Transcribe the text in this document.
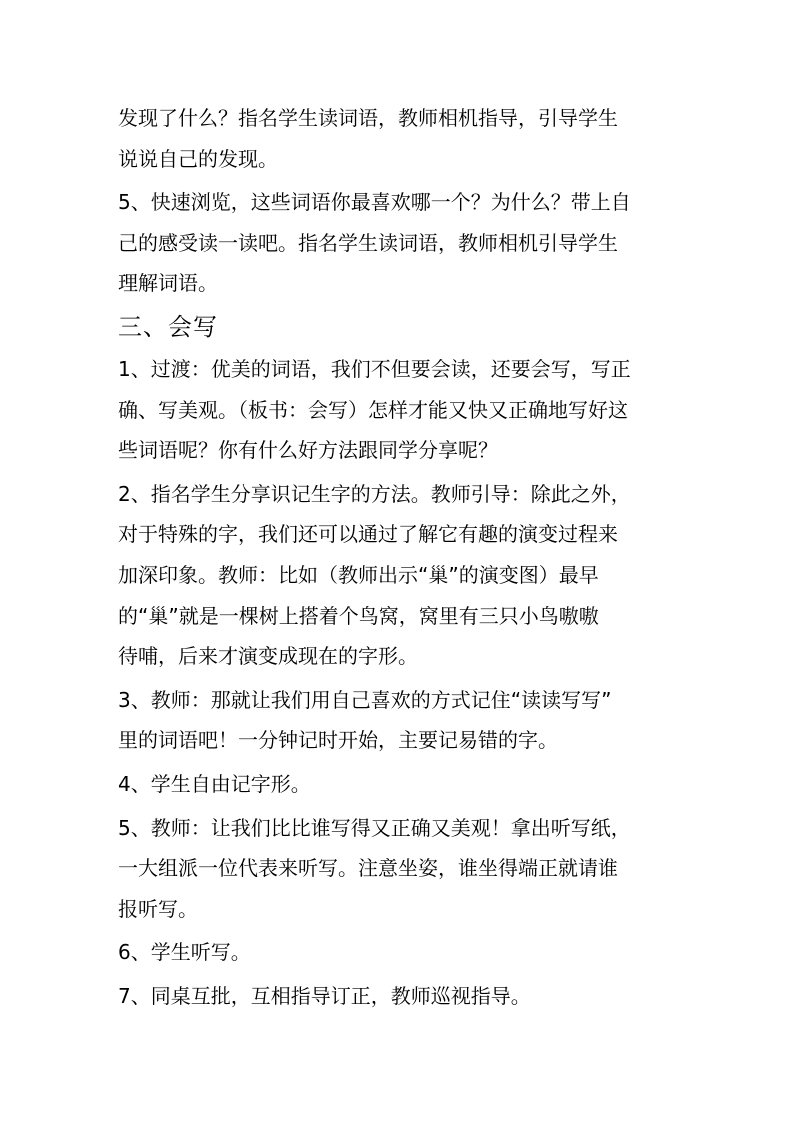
发现了什么？指名学生读词语，教师相机指导，引导学生
说说自己的发现。
5、快速浏览，这些词语你最喜欢哪一个？为什么？带上自
己的感受读一读吧。指名学生读词语，教师相机引导学生
理解词语。
三、会写
1、过渡：优美的词语，我们不但要会读，还要会写，写正
确、写美观。（板书：会写）怎样才能又快又正确地写好这
些词语呢？你有什么好方法跟同学分享呢？
2、指名学生分享识记生字的方法。教师引导：除此之外，
对于特殊的字，我们还可以通过了解它有趣的演变过程来
加深印象。教师：比如（教师出示“巢”的演变图）最早
的“巢”就是一棵树上搭着个鸟窝，窝里有三只小鸟嗷嗷
待哺，后来才演变成现在的字形。
3、教师：那就让我们用自己喜欢的方式记住“读读写写”
里的词语吧！一分钟记时开始，主要记易错的字。
4、学生自由记字形。
5、教师：让我们比比谁写得又正确又美观！拿出听写纸，
一大组派一位代表来听写。注意坐姿，谁坐得端正就请谁
报听写。
6、学生听写。
7、同桌互批，互相指导订正，教师巡视指导。
